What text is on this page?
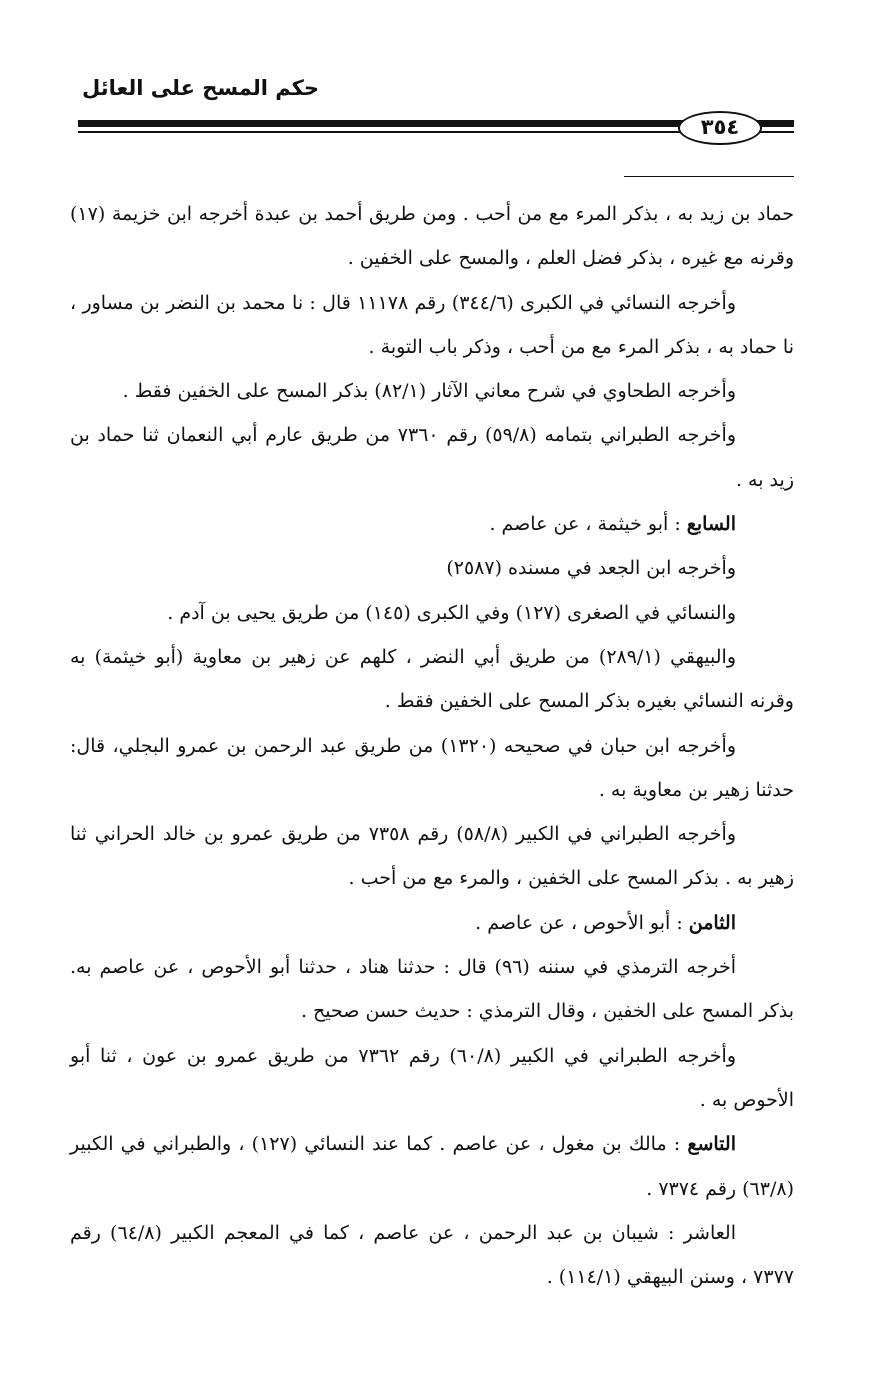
حكم المسح على العائل
٣٥٤

حماد بن زيد به ، بذكر المرء مع من أحب . ومن طريق أحمد بن عبدة أخرجه ابن خزيمة (١٧) وقرنه مع غيره ، بذكر فضل العلم ، والمسح على الخفين .

وأخرجه النسائي في الكبرى (٣٤٤/٦) رقم ١١١٧٨ قال : نا محمد بن النضر بن مساور ، نا حماد به ، بذكر المرء مع من أحب ، وذكر باب التوبة .

وأخرجه الطحاوي في شرح معاني الآثار (٨٢/١) بذكر المسح على الخفين فقط .

وأخرجه الطبراني بتمامه (٥٩/٨) رقم ٧٣٦٠ من طريق عارم أبي النعمان ثنا حماد بن زيد به .

السابع : أبو خيثمة ، عن عاصم .

وأخرجه ابن الجعد في مسنده (٢٥٨٧)

والنسائي في الصغرى (١٢٧) وفي الكبرى (١٤٥) من طريق يحيى بن آدم .

والبيهقي (٢٨٩/١) من طريق أبي النضر ، كلهم عن زهير بن معاوية (أبو خيثمة) به وقرنه النسائي بغيره بذكر المسح على الخفين فقط .

وأخرجه ابن حبان في صحيحه (١٣٢٠) من طريق عبد الرحمن بن عمرو البجلي، قال: حدثنا زهير بن معاوية به .

وأخرجه الطبراني في الكبير (٥٨/٨) رقم ٧٣٥٨ من طريق عمرو بن خالد الحراني ثنا زهير به . بذكر المسح على الخفين ، والمرء مع من أحب .

الثامن : أبو الأحوص ، عن عاصم .

أخرجه الترمذي في سننه (٩٦) قال : حدثنا هناد ، حدثنا أبو الأحوص ، عن عاصم به. بذكر المسح على الخفين ، وقال الترمذي : حديث حسن صحيح .

وأخرجه الطبراني في الكبير (٦٠/٨) رقم ٧٣٦٢ من طريق عمرو بن عون ، ثنا أبو الأحوص به .

التاسع : مالك بن مغول ، عن عاصم . كما عند النسائي (١٢٧) ، والطبراني في الكبير (٦٣/٨) رقم ٧٣٧٤ .

العاشر : شيبان بن عبد الرحمن ، عن عاصم ، كما في المعجم الكبير (٦٤/٨) رقم ٧٣٧٧ ، وسنن البيهقي (١١٤/١) .
